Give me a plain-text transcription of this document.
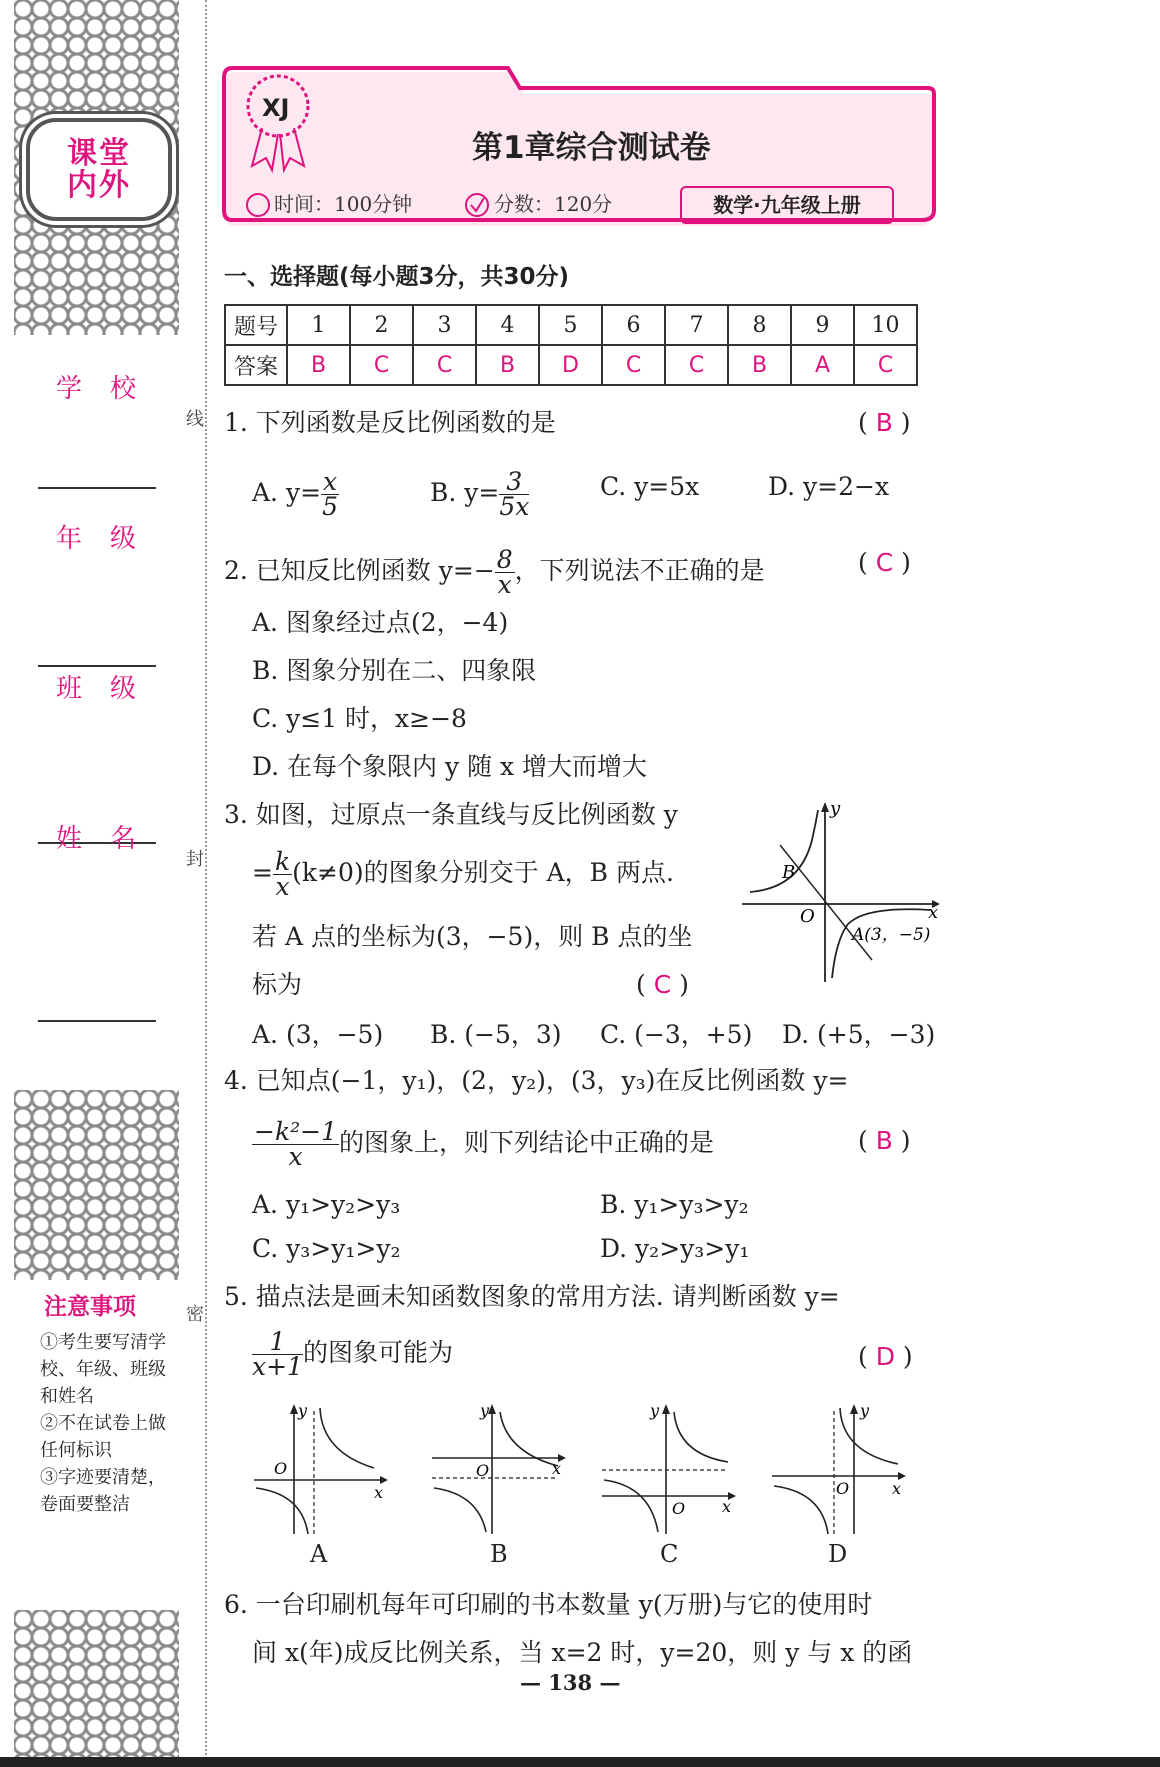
课堂
内外
学校
年级
班级
姓名
注意事项
①考生要写清学校、年级、班级和姓名
②不在试卷上做任何标识
③字迹要清楚，卷面要整洁
线
封
密
XJ
第1章综合测试卷
时间：100分钟	分数：120分	数学·九年级上册
一、选择题(每小题3分，共30分)
题号	1	2	3	4	5	6	7	8	9	10
答案	B	C	C	B	D	C	C	B	A	C
1. 下列函数是反比例函数的是	( B )
A. $y= \frac{x}{5}$	B. $y= \frac{3}{5x}$	C. y=5x	D. y=2−x
2. 已知反比例函数 $y=- \frac{8}{x}$ ，下列说法不正确的是	( C )
A. 图象经过点(2，−4)
B. 图象分别在二、四象限
C. y≤1 时，x≥−8
D. 在每个象限内 y 随 x 增大而增大
3. 如图，过原点一条直线与反比例函数 y
= $\frac{k}{x} (k\ne 0)$的图象分别交于 A，B 两点.
若 A 点的坐标为(3，−5)，则 B 点的坐
标为	( C )
y
x
O
B
A(3，−5)
A. (3，−5) B. (−5，3) C. (−3，+5) D. (+5，−3)
4. 已知点(−1，y₁)，(2，y₂)，(3，y₃)在反比例函数 y=
$\frac{\text{−k²−1}}{x}$ 的图象上，则下列结论中正确的是	( B )
A. y₁>y₂>y₃	B. y₁>y₃>y₂
C. y₃>y₁>y₂	D. y₂>y₃>y₁
5. 描点法是画未知函数图象的常用方法. 请判断函数 y=
$\frac{1}{x+1}$ 的图象可能为	( D )
y
x
O
y
x
O
y
x
O
y
x
O
A	B	C	D
6. 一台印刷机每年可印刷的书本数量 y(万册)与它的使用时
间 x(年)成反比例关系，当 x=2 时，y=20，则 y 与 x 的函
— 138 —
